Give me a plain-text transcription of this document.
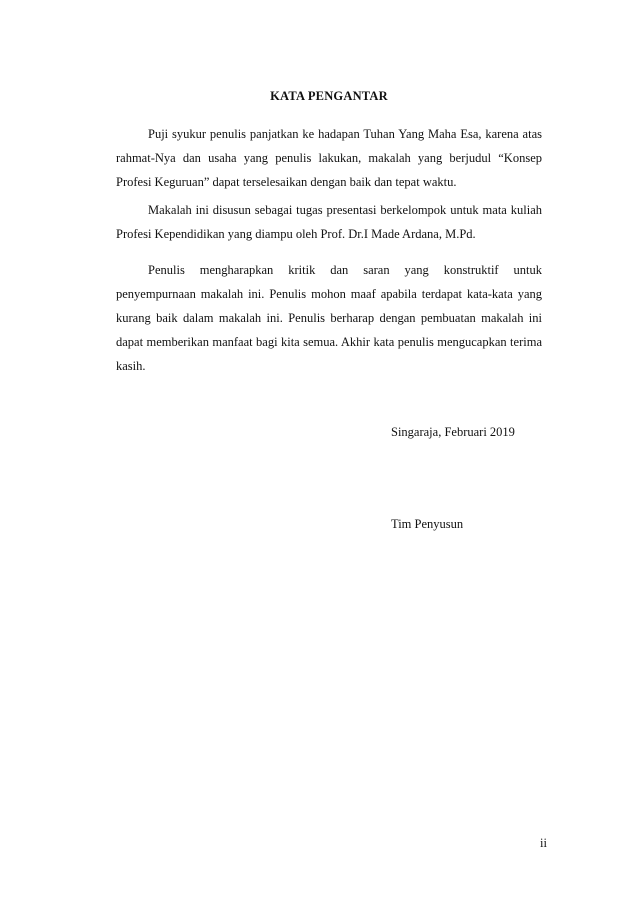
KATA PENGANTAR

Puji syukur penulis panjatkan ke hadapan Tuhan Yang Maha Esa, karena atas rahmat-Nya dan usaha yang penulis lakukan, makalah yang berjudul “Konsep Profesi Keguruan” dapat terselesaikan dengan baik dan tepat waktu.

Makalah ini disusun sebagai tugas presentasi berkelompok untuk mata kuliah Profesi Kependidikan yang diampu oleh Prof. Dr.I Made Ardana, M.Pd.

Penulis mengharapkan kritik dan saran yang konstruktif untuk penyempurnaan makalah ini. Penulis mohon maaf apabila terdapat kata-kata yang kurang baik dalam makalah ini. Penulis berharap dengan pembuatan makalah ini dapat memberikan manfaat bagi kita semua. Akhir kata penulis mengucapkan terima kasih.

Singaraja, Februari 2019
Tim Penyusun
ii
